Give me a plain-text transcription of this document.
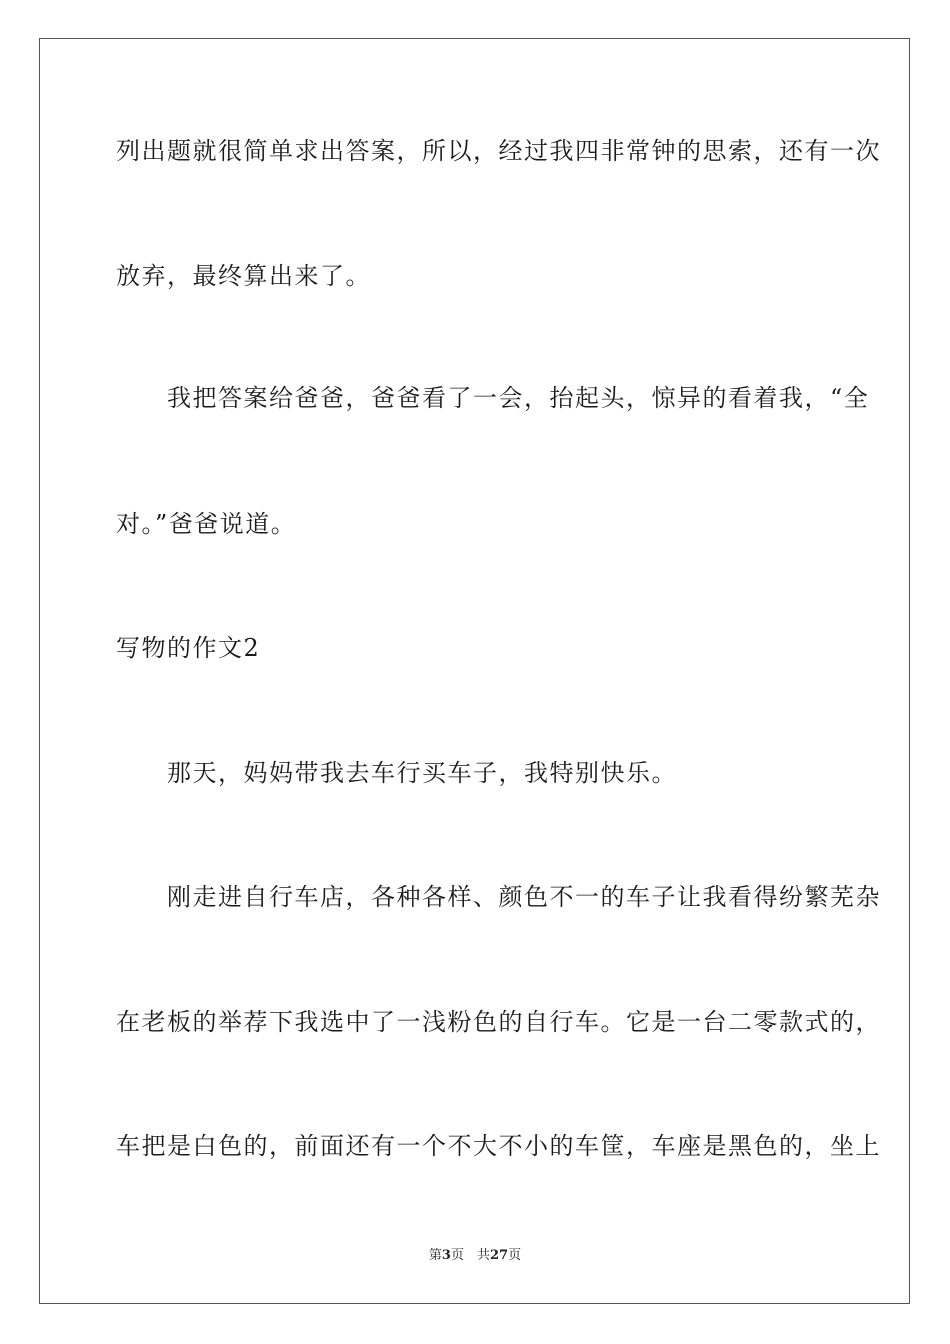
列出题就很简单求出答案，所以，经过我四非常钟的思索，还有一次
放弃，最终算出来了。
　　我把答案给爸爸，爸爸看了一会，抬起头，惊异的看着我，“全
对。”爸爸说道。
写物的作文2
　　那天，妈妈带我去车行买车子，我特别快乐。
　　刚走进自行车店，各种各样、颜色不一的车子让我看得纷繁芜杂
在老板的举荐下我选中了一浅粉色的自行车。它是一台二零款式的，
车把是白色的，前面还有一个不大不小的车筐，车座是黑色的，坐上
第3页　共27页
